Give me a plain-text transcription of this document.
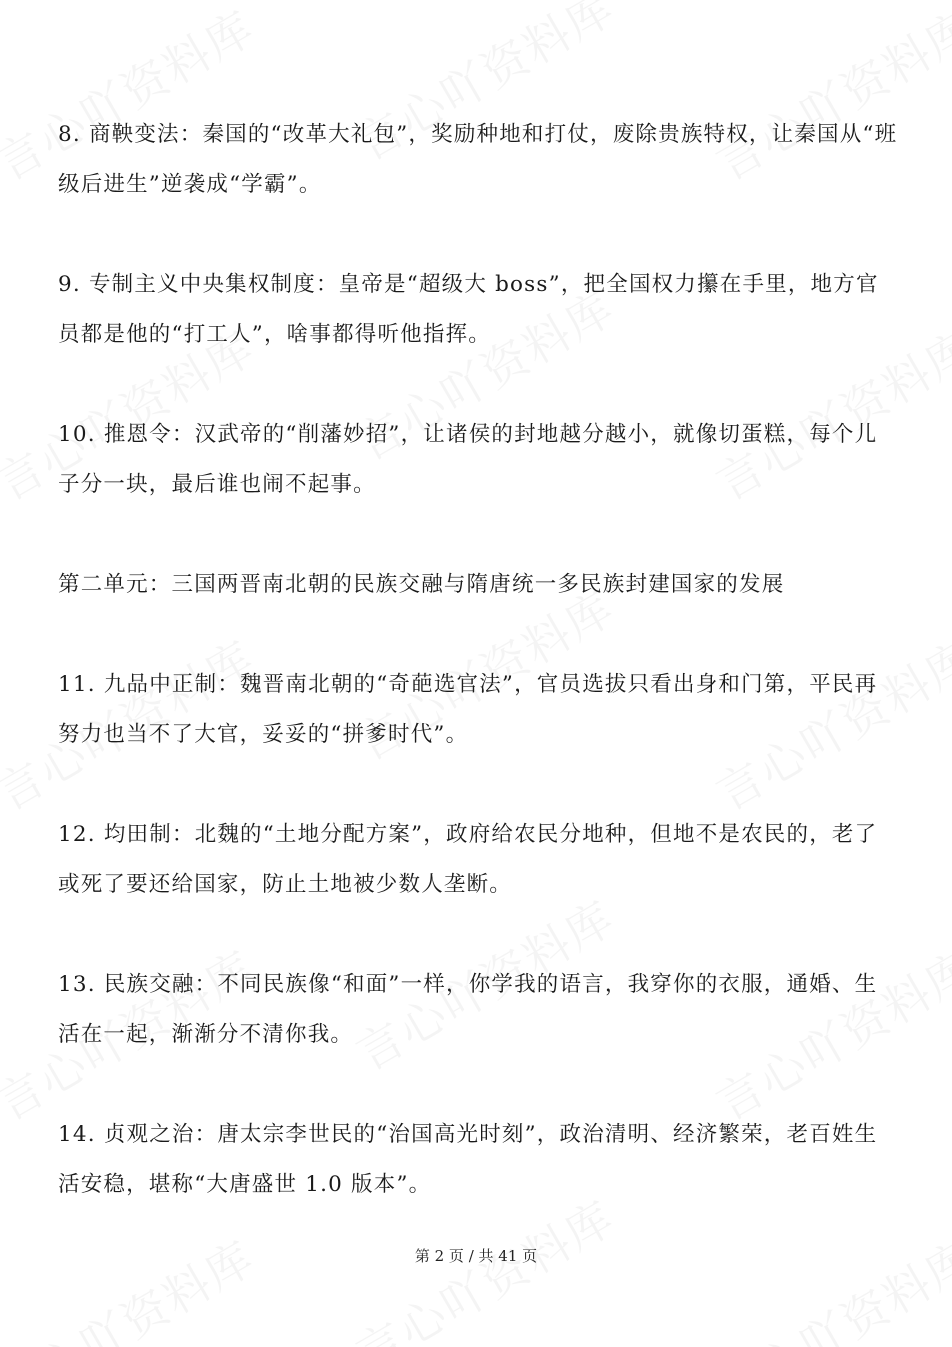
8. 商鞅变法：秦国的“改革大礼包”，奖励种地和打仗，废除贵族特权，让秦国从“班级后进生”逆袭成“学霸”。

9. 专制主义中央集权制度：皇帝是“超级大 boss”，把全国权力攥在手里，地方官员都是他的“打工人”，啥事都得听他指挥。

10. 推恩令：汉武帝的“削藩妙招”，让诸侯的封地越分越小，就像切蛋糕，每个儿子分一块，最后谁也闹不起事。

第二单元：三国两晋南北朝的民族交融与隋唐统一多民族封建国家的发展

11. 九品中正制：魏晋南北朝的“奇葩选官法”，官员选拔只看出身和门第，平民再努力也当不了大官，妥妥的“拼爹时代”。

12. 均田制：北魏的“土地分配方案”，政府给农民分地种，但地不是农民的，老了或死了要还给国家，防止土地被少数人垄断。

13. 民族交融：不同民族像“和面”一样，你学我的语言，我穿你的衣服，通婚、生活在一起，渐渐分不清你我。

14. 贞观之治：唐太宗李世民的“治国高光时刻”，政治清明、经济繁荣，老百姓生活安稳，堪称“大唐盛世 1.0 版本”。

第 2 页 / 共 41 页
